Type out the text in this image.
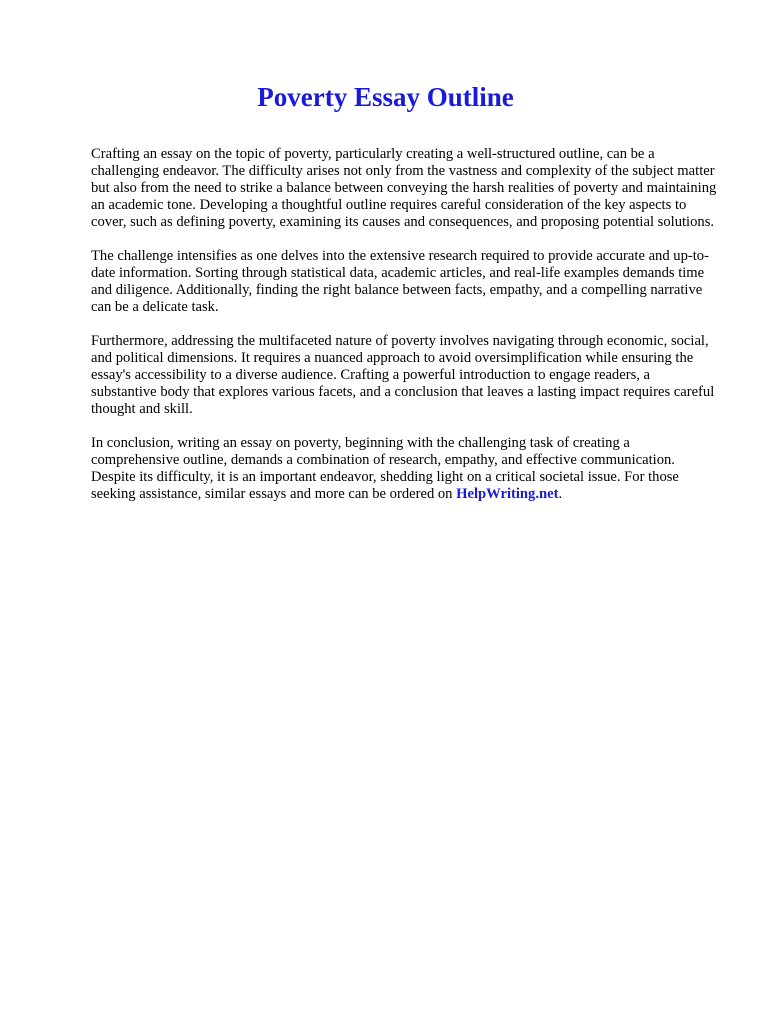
Poverty Essay Outline

Crafting an essay on the topic of poverty, particularly creating a well-structured outline, can be a challenging endeavor. The difficulty arises not only from the vastness and complexity of the subject matter but also from the need to strike a balance between conveying the harsh realities of poverty and maintaining an academic tone. Developing a thoughtful outline requires careful consideration of the key aspects to cover, such as defining poverty, examining its causes and consequences, and proposing potential solutions.

The challenge intensifies as one delves into the extensive research required to provide accurate and up-to-date information. Sorting through statistical data, academic articles, and real-life examples demands time and diligence. Additionally, finding the right balance between facts, empathy, and a compelling narrative can be a delicate task.

Furthermore, addressing the multifaceted nature of poverty involves navigating through economic, social, and political dimensions. It requires a nuanced approach to avoid oversimplification while ensuring the essay's accessibility to a diverse audience. Crafting a powerful introduction to engage readers, a substantive body that explores various facets, and a conclusion that leaves a lasting impact requires careful thought and skill.

In conclusion, writing an essay on poverty, beginning with the challenging task of creating a comprehensive outline, demands a combination of research, empathy, and effective communication. Despite its difficulty, it is an important endeavor, shedding light on a critical societal issue. For those seeking assistance, similar essays and more can be ordered on HelpWriting.net.
